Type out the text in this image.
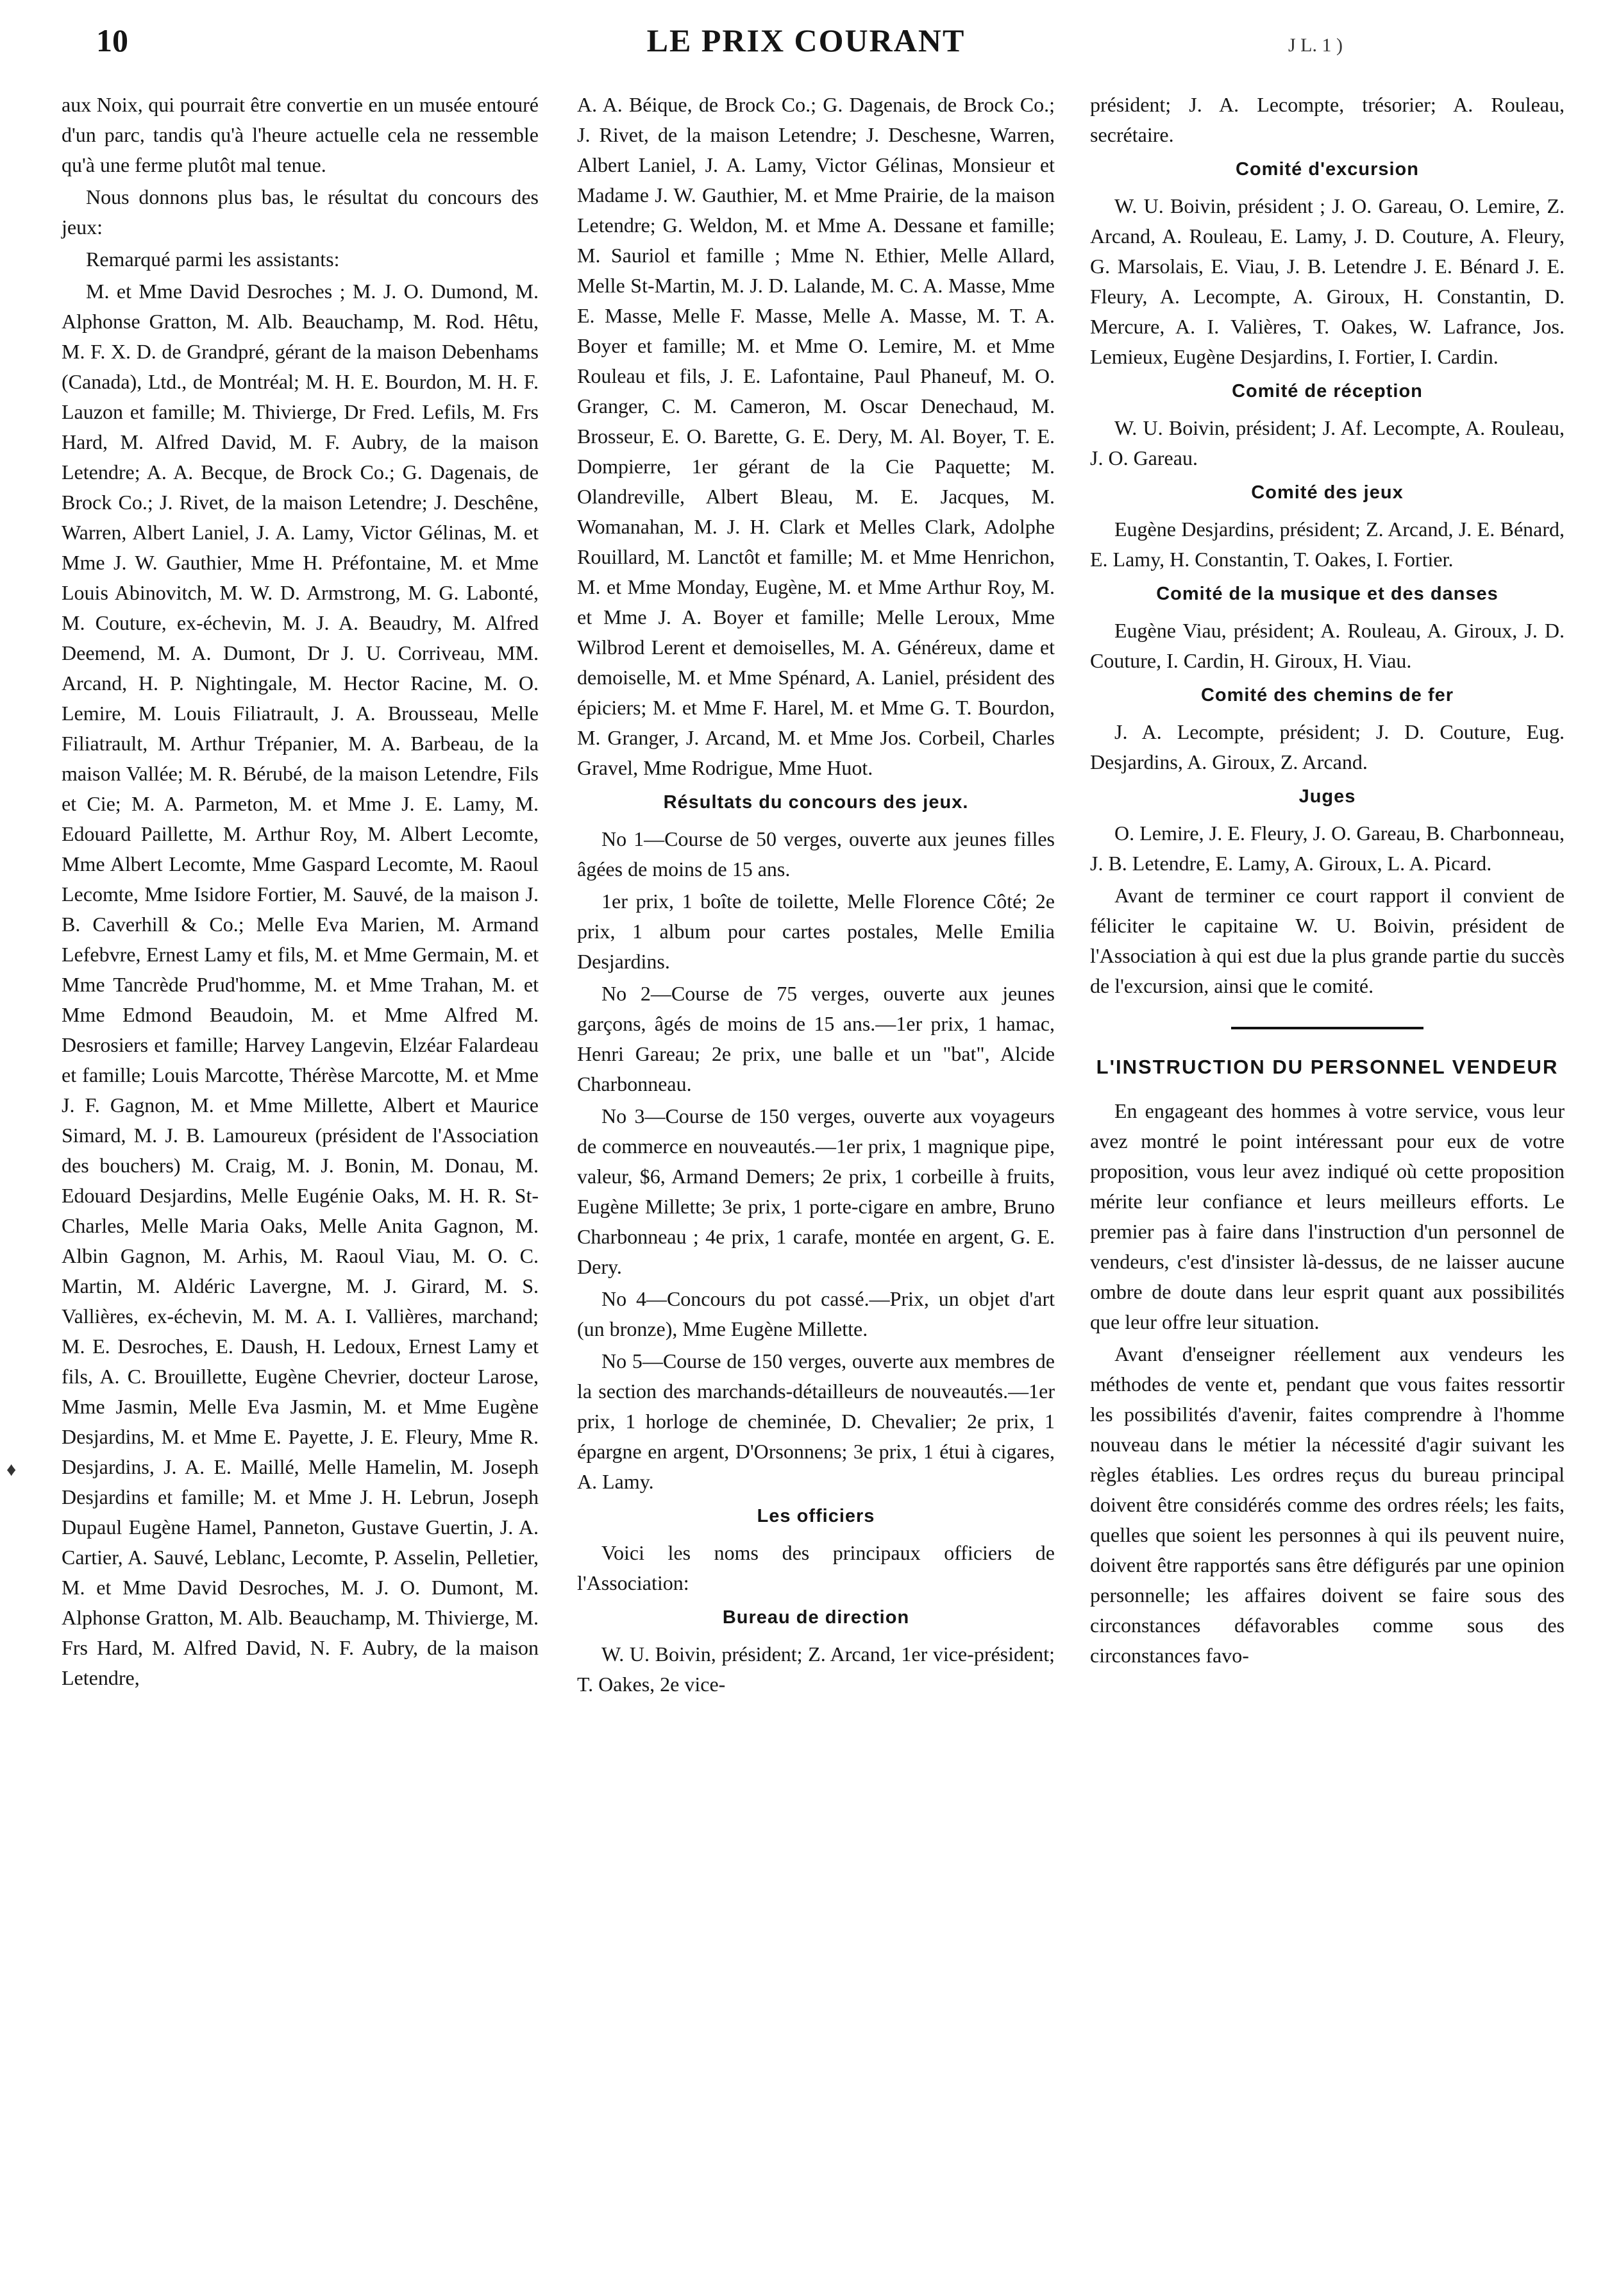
10	LE PRIX COURANT	J L. 1 )
♦

aux Noix, qui pourrait être convertie en un musée entouré d'un parc, tandis qu'à l'heure actuelle cela ne ressemble qu'à une ferme plutôt mal tenue.

Nous donnons plus bas, le résultat du concours des jeux:

Remarqué parmi les assistants:

M. et Mme David Desroches ; M. J. O. Dumond, M. Alphonse Gratton, M. Alb. Beauchamp, M. Rod. Hêtu, M. F. X. D. de Grandpré, gérant de la maison Debenhams (Canada), Ltd., de Montréal; M. H. E. Bourdon, M. H. F. Lauzon et famille; M. Thivierge, Dr Fred. Lefils, M. Frs Hard, M. Alfred David, M. F. Aubry, de la maison Letendre; A. A. Becque, de Brock Co.; G. Dagenais, de Brock Co.; J. Rivet, de la maison Letendre; J. Deschêne, Warren, Albert Laniel, J. A. Lamy, Victor Gélinas, M. et Mme J. W. Gauthier, Mme H. Préfontaine, M. et Mme Louis Abinovitch, M. W. D. Armstrong, M. G. Labonté, M. Couture, ex-échevin, M. J. A. Beaudry, M. Alfred Deemend, M. A. Dumont, Dr J. U. Corriveau, MM. Arcand, H. P. Nightingale, M. Hector Racine, M. O. Lemire, M. Louis Filiatrault, J. A. Brousseau, Melle Filiatrault, M. Arthur Trépanier, M. A. Barbeau, de la maison Vallée; M. R. Bérubé, de la maison Letendre, Fils et Cie; M. A. Parmeton, M. et Mme J. E. Lamy, M. Edouard Paillette, M. Arthur Roy, M. Albert Lecomte, Mme Albert Lecomte, Mme Gaspard Lecomte, M. Raoul Lecomte, Mme Isidore Fortier, M. Sauvé, de la maison J. B. Caverhill & Co.; Melle Eva Marien, M. Armand Lefebvre, Ernest Lamy et fils, M. et Mme Germain, M. et Mme Tancrède Prud'homme, M. et Mme Trahan, M. et Mme Edmond Beaudoin, M. et Mme Alfred M. Desrosiers et famille; Harvey Langevin, Elzéar Falardeau et famille; Louis Marcotte, Thérèse Marcotte, M. et Mme J. F. Gagnon, M. et Mme Millette, Albert et Maurice Simard, M. J. B. Lamoureux (président de l'Association des bouchers) M. Craig, M. J. Bonin, M. Donau, M. Edouard Desjardins, Melle Eugénie Oaks, M. H. R. St-Charles, Melle Maria Oaks, Melle Anita Gagnon, M. Albin Gagnon, M. Arhis, M. Raoul Viau, M. O. C. Martin, M. Aldéric Lavergne, M. J. Girard, M. S. Vallières, ex-échevin, M. M. A. I. Vallières, marchand; M. E. Desroches, E. Daush, H. Ledoux, Ernest Lamy et fils, A. C. Brouillette, Eugène Chevrier, docteur Larose, Mme Jasmin, Melle Eva Jasmin, M. et Mme Eugène Desjardins, M. et Mme E. Payette, J. E. Fleury, Mme R. Desjardins, J. A. E. Maillé, Melle Hamelin, M. Joseph Desjardins et famille; M. et Mme J. H. Lebrun, Joseph Dupaul Eugène Hamel, Panneton, Gustave Guertin, J. A. Cartier, A. Sauvé, Leblanc, Lecomte, P. Asselin, Pelletier, M. et Mme David Desroches, M. J. O. Dumont, M. Alphonse Gratton, M. Alb. Beauchamp, M. Thivierge, M. Frs Hard, M. Alfred David, N. F. Aubry, de la maison Letendre,

A. A. Béique, de Brock Co.; G. Dagenais, de Brock Co.; J. Rivet, de la maison Letendre; J. Deschesne, Warren, Albert Laniel, J. A. Lamy, Victor Gélinas, Monsieur et Madame J. W. Gauthier, M. et Mme Prairie, de la maison Letendre; G. Weldon, M. et Mme A. Dessane et famille; M. Sauriol et famille ; Mme N. Ethier, Melle Allard, Melle St-Martin, M. J. D. Lalande, M. C. A. Masse, Mme E. Masse, Melle F. Masse, Melle A. Masse, M. T. A. Boyer et famille; M. et Mme O. Lemire, M. et Mme Rouleau et fils, J. E. Lafontaine, Paul Phaneuf, M. O. Granger, C. M. Cameron, M. Oscar Denechaud, M. Brosseur, E. O. Barette, G. E. Dery, M. Al. Boyer, T. E. Dompierre, 1er gérant de la Cie Paquette; M. Olandreville, Albert Bleau, M. E. Jacques, M. Womanahan, M. J. H. Clark et Melles Clark, Adolphe Rouillard, M. Lanctôt et famille; M. et Mme Henrichon, M. et Mme Monday, Eugène, M. et Mme Arthur Roy, M. et Mme J. A. Boyer et famille; Melle Leroux, Mme Wilbrod Lerent et demoiselles, M. A. Généreux, dame et demoiselle, M. et Mme Spénard, A. Laniel, président des épiciers; M. et Mme F. Harel, M. et Mme G. T. Bourdon, M. Granger, J. Arcand, M. et Mme Jos. Corbeil, Charles Gravel, Mme Rodrigue, Mme Huot.

Résultats du concours des jeux.

No 1—Course de 50 verges, ouverte aux jeunes filles âgées de moins de 15 ans.

1er prix, 1 boîte de toilette, Melle Florence Côté; 2e prix, 1 album pour cartes postales, Melle Emilia Desjardins.

No 2—Course de 75 verges, ouverte aux jeunes garçons, âgés de moins de 15 ans.—1er prix, 1 hamac, Henri Gareau; 2e prix, une balle et un "bat", Alcide Charbonneau.

No 3—Course de 150 verges, ouverte aux voyageurs de commerce en nouveautés.—1er prix, 1 magnique pipe, valeur, $6, Armand Demers; 2e prix, 1 corbeille à fruits, Eugène Millette; 3e prix, 1 porte-cigare en ambre, Bruno Charbonneau ; 4e prix, 1 carafe, montée en argent, G. E. Dery.

No 4—Concours du pot cassé.—Prix, un objet d'art (un bronze), Mme Eugène Millette.

No 5—Course de 150 verges, ouverte aux membres de la section des marchands-détailleurs de nouveautés.—1er prix, 1 horloge de cheminée, D. Chevalier; 2e prix, 1 épargne en argent, D'Orsonnens; 3e prix, 1 étui à cigares, A. Lamy.

Les officiers

Voici les noms des principaux officiers de l'Association:

Bureau de direction

W. U. Boivin, président; Z. Arcand, 1er vice-président; T. Oakes, 2e vice-

président; J. A. Lecompte, trésorier; A. Rouleau, secrétaire.

Comité d'excursion

W. U. Boivin, président ; J. O. Gareau, O. Lemire, Z. Arcand, A. Rouleau, E. Lamy, J. D. Couture, A. Fleury, G. Marsolais, E. Viau, J. B. Letendre J. E. Bénard J. E. Fleury, A. Lecompte, A. Giroux, H. Constantin, D. Mercure, A. I. Valières, T. Oakes, W. Lafrance, Jos. Lemieux, Eugène Desjardins, I. Fortier, I. Cardin.

Comité de réception

W. U. Boivin, président; J. Af. Lecompte, A. Rouleau, J. O. Gareau.

Comité des jeux

Eugène Desjardins, président; Z. Arcand, J. E. Bénard, E. Lamy, H. Constantin, T. Oakes, I. Fortier.

Comité de la musique et des danses

Eugène Viau, président; A. Rouleau, A. Giroux, J. D. Couture, I. Cardin, H. Giroux, H. Viau.

Comité des chemins de fer

J. A. Lecompte, président; J. D. Couture, Eug. Desjardins, A. Giroux, Z. Arcand.

Juges

O. Lemire, J. E. Fleury, J. O. Gareau, B. Charbonneau, J. B. Letendre, E. Lamy, A. Giroux, L. A. Picard.

Avant de terminer ce court rapport il convient de féliciter le capitaine W. U. Boivin, président de l'Association à qui est due la plus grande partie du succès de l'excursion, ainsi que le comité.

L'INSTRUCTION DU PERSONNEL VENDEUR

En engageant des hommes à votre service, vous leur avez montré le point intéressant pour eux de votre proposition, vous leur avez indiqué où cette proposition mérite leur confiance et leurs meilleurs efforts. Le premier pas à faire dans l'instruction d'un personnel de vendeurs, c'est d'insister là-dessus, de ne laisser aucune ombre de doute dans leur esprit quant aux possibilités que leur offre leur situation.

Avant d'enseigner réellement aux vendeurs les méthodes de vente et, pendant que vous faites ressortir les possibilités d'avenir, faites comprendre à l'homme nouveau dans le métier la nécessité d'agir suivant les règles établies. Les ordres reçus du bureau principal doivent être considérés comme des ordres réels; les faits, quelles que soient les personnes à qui ils peuvent nuire, doivent être rapportés sans être défigurés par une opinion personnelle; les affaires doivent se faire sous des circonstances défavorables comme sous des circonstances favo-
